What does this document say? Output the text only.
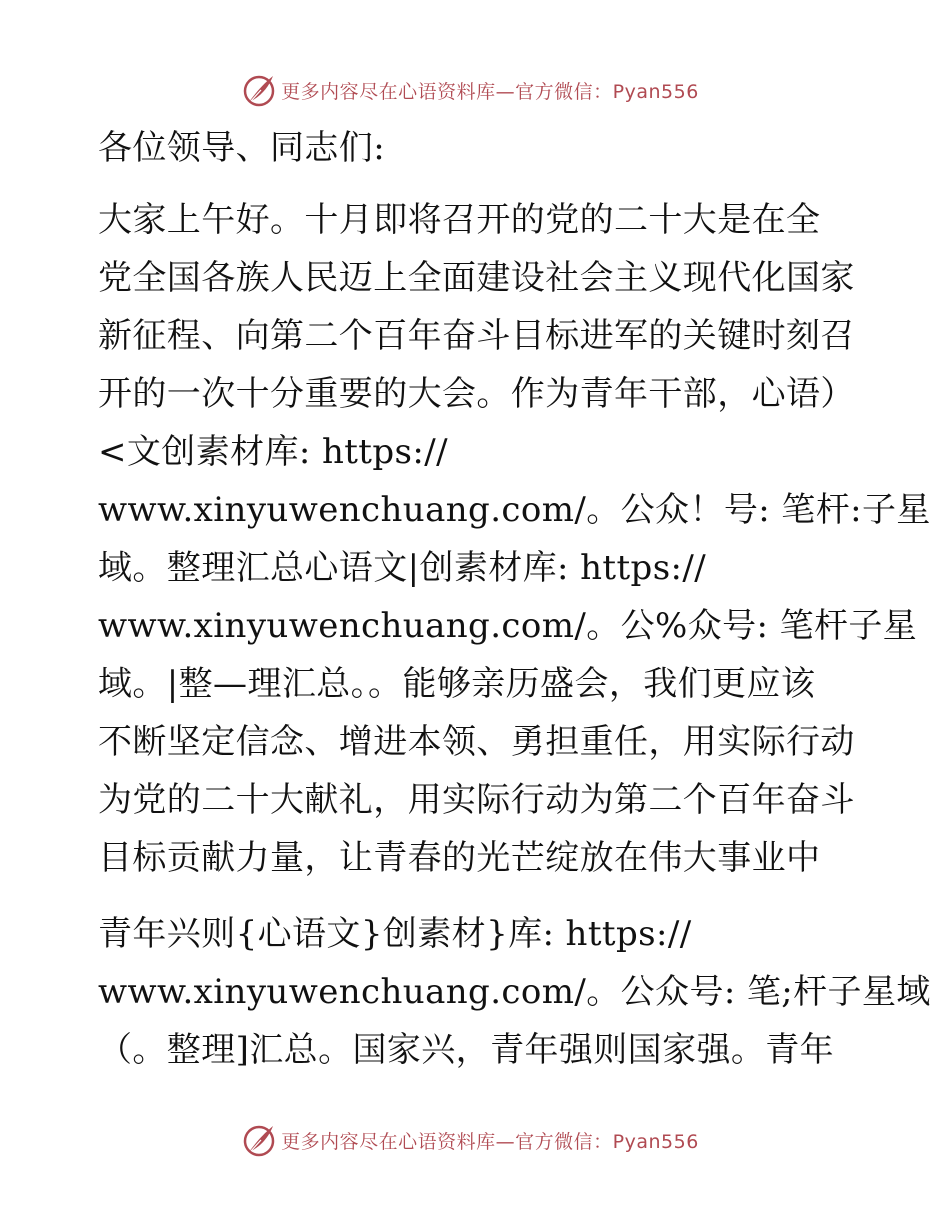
更多内容尽在心语资料库—官方微信：Pyan556
各位领导、同志们:
大家上午好。十月即将召开的党的二十大是在全
党全国各族人民迈上全面建设社会主义现代化国家
新征程、向第二个百年奋斗目标进军的关键时刻召
开的一次十分重要的大会。作为青年干部，心语）
<文创素材库: https://
www.xinyuwenchuang.com/。公众！号: 笔杆:子星
域。整理汇总心语文|创素材库: https://
www.xinyuwenchuang.com/。公%众号: 笔杆子星
域。|整—理汇总。。能够亲历盛会，我们更应该
不断坚定信念、增进本领、勇担重任，用实际行动
为党的二十大献礼，用实际行动为第二个百年奋斗
目标贡献力量，让青春的光芒绽放在伟大事业中
青年兴则{心语文}创素材}库: https://
www.xinyuwenchuang.com/。公众号: 笔;杆子星域
（。整理]汇总。国家兴，青年强则国家强。青年
更多内容尽在心语资料库—官方微信：Pyan556
